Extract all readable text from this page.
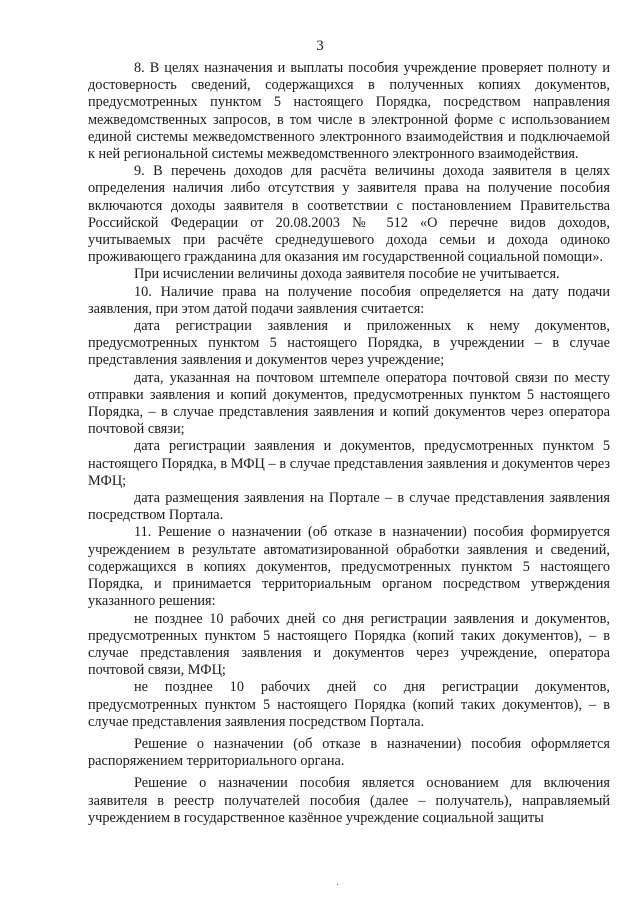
3

8. В целях назначения и выплаты пособия учреждение проверяет полноту и достоверность сведений, содержащихся в полученных копиях документов, предусмотренных пунктом 5 настоящего Порядка, посредством направления межведомственных запросов, в том числе в электронной форме с использованием единой системы межведомственного электронного взаимодействия и подключаемой к ней региональной системы межведомственного электронного взаимодействия.

9. В перечень доходов для расчёта величины дохода заявителя в целях определения наличия либо отсутствия у заявителя права на получение пособия включаются доходы заявителя в соответствии с постановлением Правительства Российской Федерации от 20.08.2003 № 512 «О перечне видов доходов, учитываемых при расчёте среднедушевого дохода семьи и дохода одиноко проживающего гражданина для оказания им государственной социальной помощи».

При исчислении величины дохода заявителя пособие не учитывается.

10. Наличие права на получение пособия определяется на дату подачи заявления, при этом датой подачи заявления считается:

дата регистрации заявления и приложенных к нему документов, предусмотренных пунктом 5 настоящего Порядка, в учреждении – в случае представления заявления и документов через учреждение;

дата, указанная на почтовом штемпеле оператора почтовой связи по месту отправки заявления и копий документов, предусмотренных пунктом 5 настоящего Порядка, – в случае представления заявления и копий документов через оператора почтовой связи;

дата регистрации заявления и документов, предусмотренных пунктом 5 настоящего Порядка, в МФЦ – в случае представления заявления и документов через МФЦ;

дата размещения заявления на Портале – в случае представления заявления посредством Портала.

11. Решение о назначении (об отказе в назначении) пособия формируется учреждением в результате автоматизированной обработки заявления и сведений, содержащихся в копиях документов, предусмотренных пунктом 5 настоящего Порядка, и принимается территориальным органом посредством утверждения указанного решения:

не позднее 10 рабочих дней со дня регистрации заявления и документов, предусмотренных пунктом 5 настоящего Порядка (копий таких документов), – в случае представления заявления и документов через учреждение, оператора почтовой связи, МФЦ;

не позднее 10 рабочих дней со дня регистрации документов, предусмотренных пунктом 5 настоящего Порядка (копий таких документов), – в случае представления заявления посредством Портала.

Решение о назначении (об отказе в назначении) пособия оформляется распоряжением территориального органа.

Решение о назначении пособия является основанием для включения заявителя в реестр получателей пособия (далее – получатель), направляемый учреждением в государственное казённое учреждение социальной защиты

·
